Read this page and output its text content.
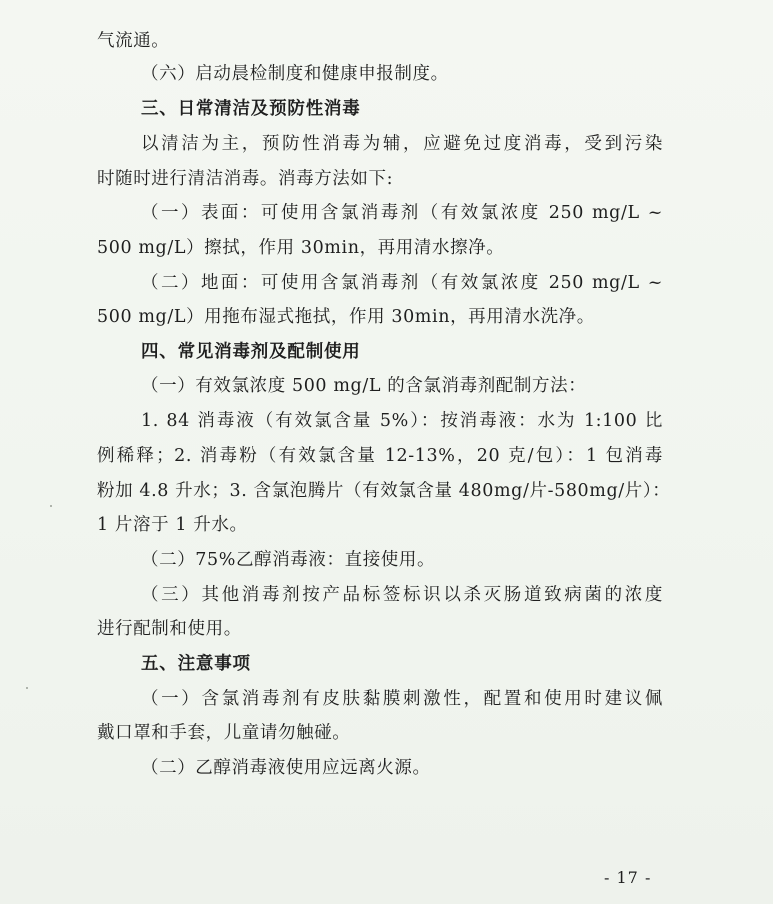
气流通。
（六）启动晨检制度和健康申报制度。
三、日常清洁及预防性消毒
以清洁为主，预防性消毒为辅，应避免过度消毒，受到污染
时随时进行清洁消毒。消毒方法如下:
（一）表面：可使用含氯消毒剂（有效氯浓度 250 mg/L ~
500 mg/L）擦拭，作用 30min，再用清水擦净。
（二）地面：可使用含氯消毒剂（有效氯浓度 250 mg/L ~
500 mg/L）用拖布湿式拖拭，作用 30min，再用清水洗净。
四、常见消毒剂及配制使用
（一）有效氯浓度 500 mg/L 的含氯消毒剂配制方法：
1. 84 消毒液（有效氯含量 5%）：按消毒液：水为 1:100 比
例稀释；2. 消毒粉（有效氯含量 12-13%，20 克/包）：1 包消毒
粉加 4.8 升水；3. 含氯泡腾片（有效氯含量 480mg/片-580mg/片）：
1 片溶于 1 升水。
（二）75%乙醇消毒液：直接使用。
（三）其他消毒剂按产品标签标识以杀灭肠道致病菌的浓度
进行配制和使用。
五、注意事项
（一）含氯消毒剂有皮肤黏膜刺激性，配置和使用时建议佩
戴口罩和手套，儿童请勿触碰。
（二）乙醇消毒液使用应远离火源。
- 17 -
